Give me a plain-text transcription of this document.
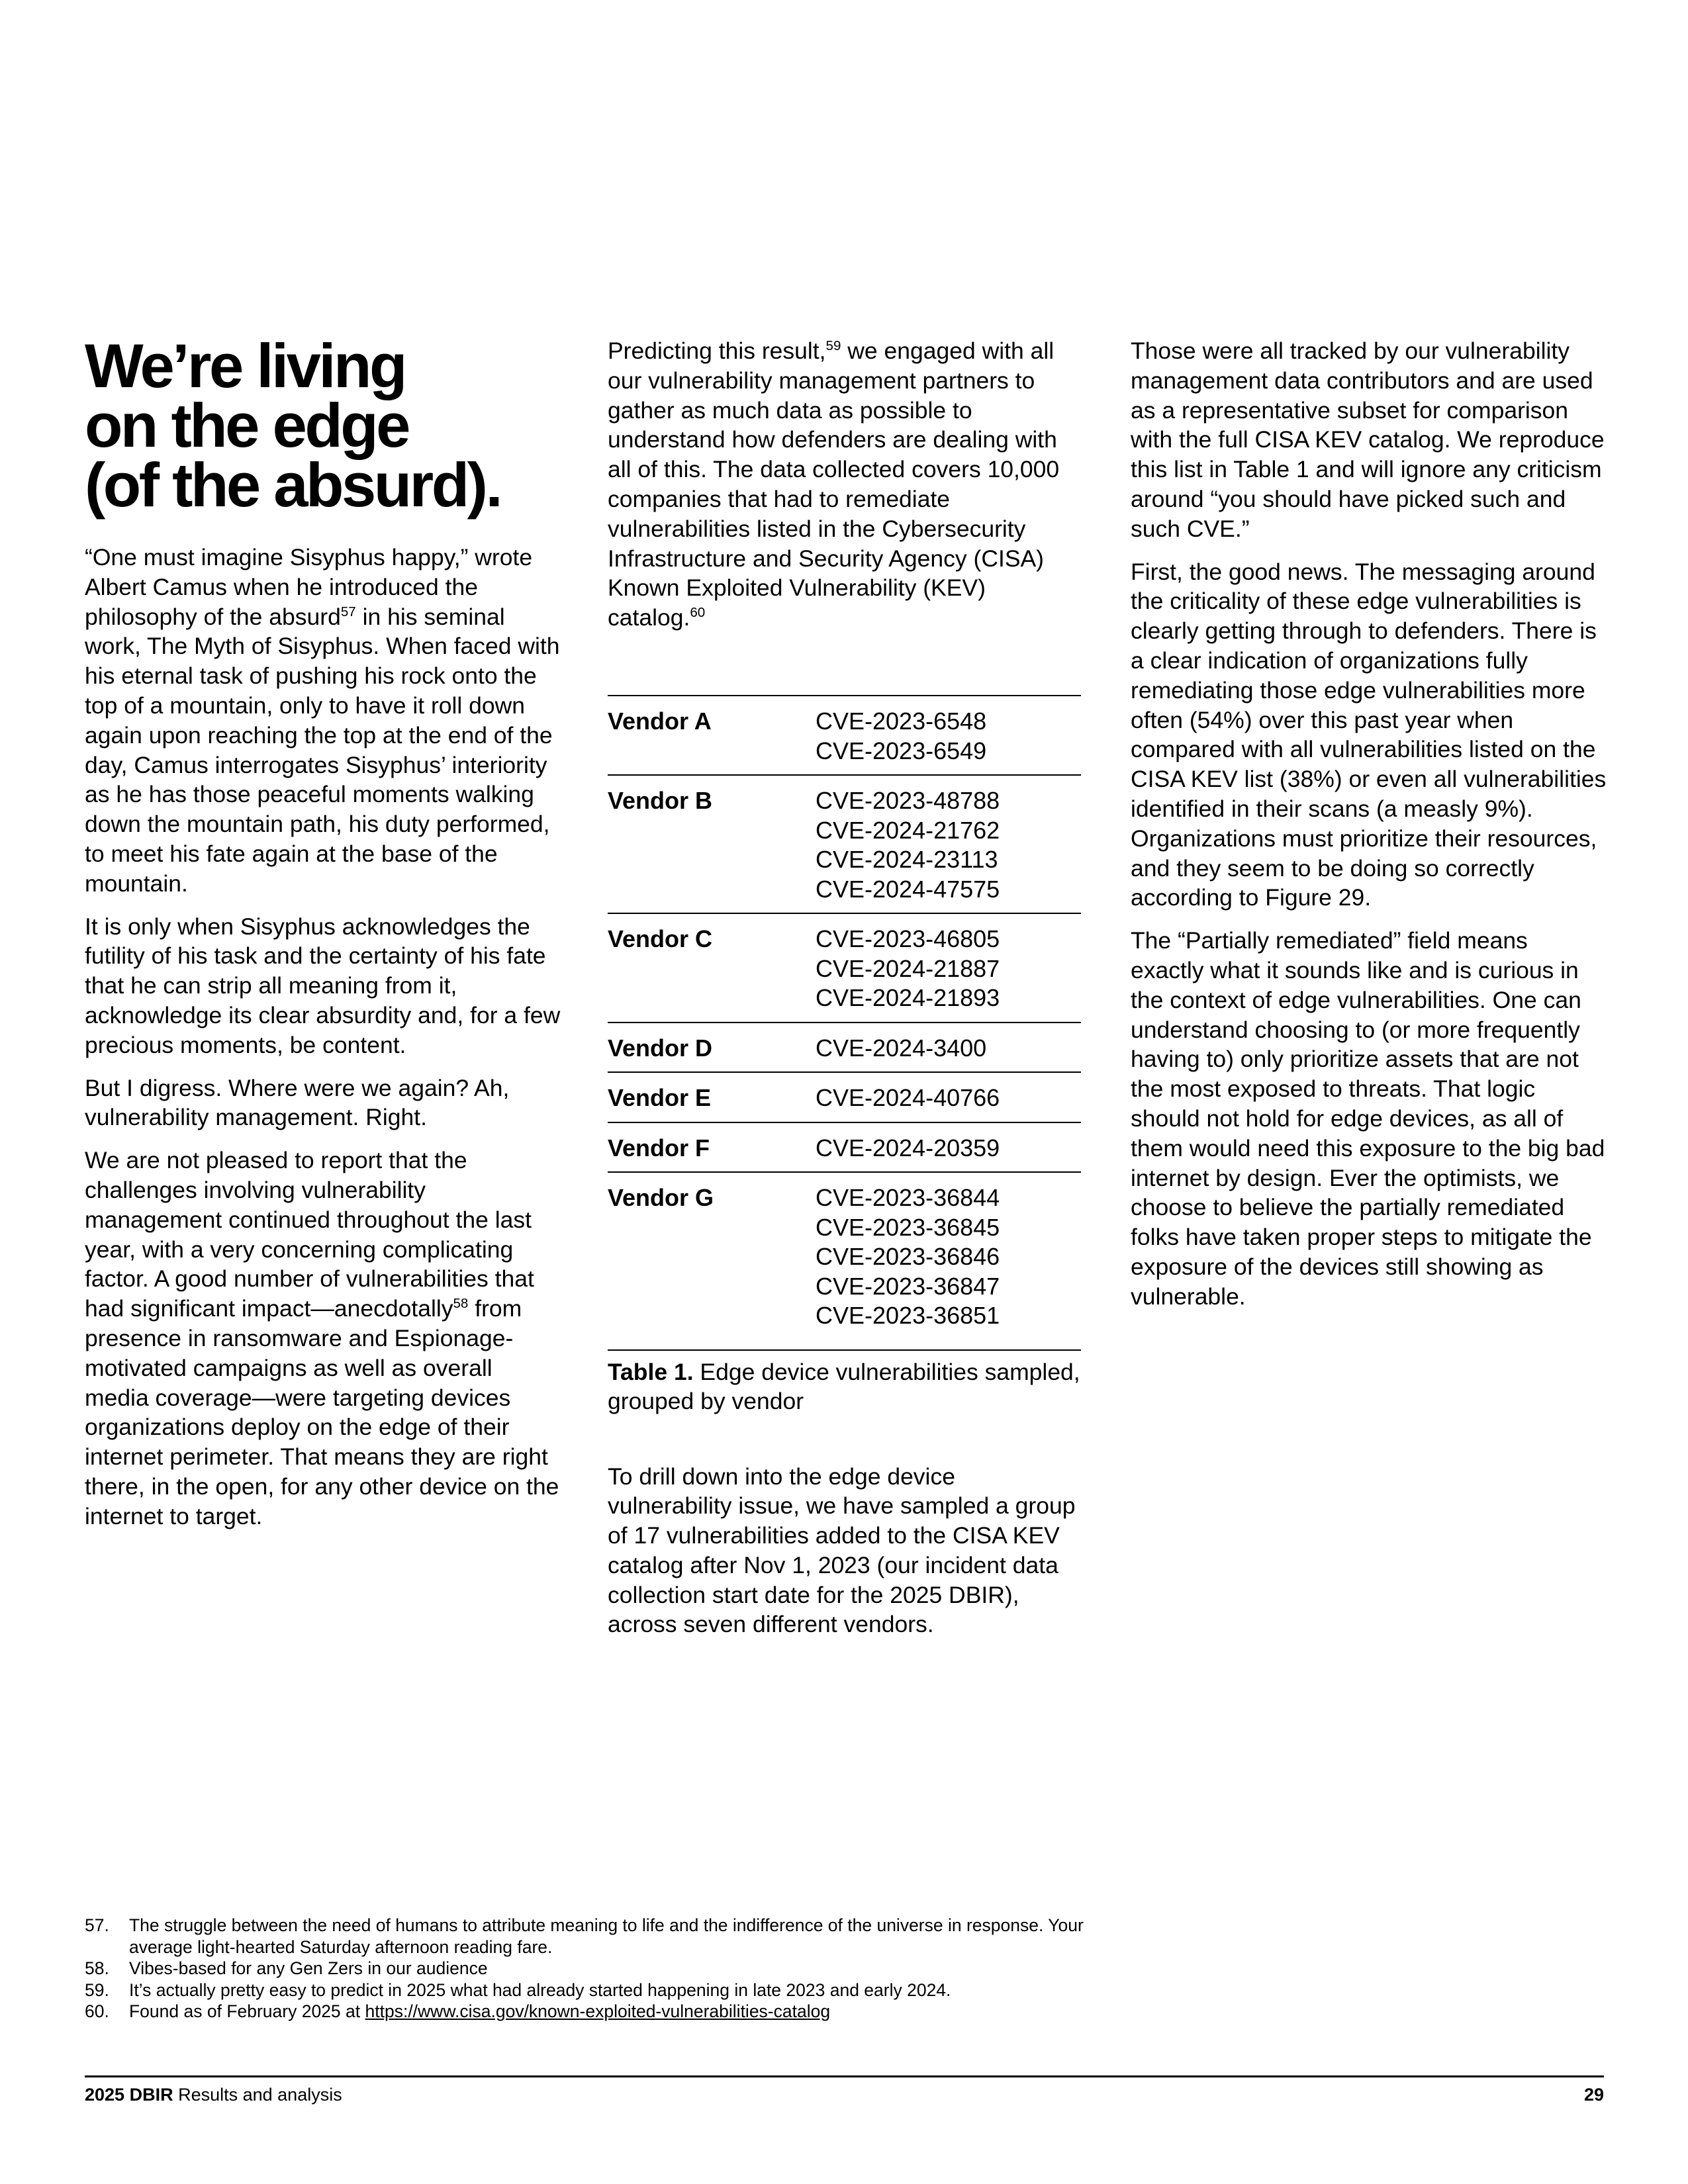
We’re living
on the edge
(of the absurd).

“One must imagine Sisyphus happy,” wrote Albert Camus when he introduced the philosophy of the absurd$^{57}$ in his seminal work, The Myth of Sisyphus. When faced with his eternal task of pushing his rock onto the top of a mountain, only to have it roll down again upon reaching the top at the end of the day, Camus interrogates Sisyphus’ interiority as he has those peaceful moments walking down the mountain path, his duty performed, to meet his fate again at the base of the mountain.

It is only when Sisyphus acknowledges the futility of his task and the certainty of his fate that he can strip all meaning from it, acknowledge its clear absurdity and, for a few precious moments, be content.

But I digress. Where were we again? Ah, vulnerability management. Right.

We are not pleased to report that the challenges involving vulnerability management continued throughout the last year, with a very concerning complicating factor. A good number of vulnerabilities that had significant impact—anecdotally$^{58}$ from presence in ransomware and Espionage-motivated campaigns as well as overall media coverage—were targeting devices organizations deploy on the edge of their internet perimeter. That means they are right there, in the open, for any other device on the internet to target.

Predicting this result,$^{59}$ we engaged with all our vulnerability management partners to gather as much data as possible to understand how defenders are dealing with all of this. The data collected covers 10,000 companies that had to remediate vulnerabilities listed in the Cybersecurity Infrastructure and Security Agency (CISA) Known Exploited Vulnerability (KEV) catalog.$^{60}$

Vendor A	CVE-2023-6548
CVE-2023-6549
Vendor B	CVE-2023-48788
CVE-2024-21762
CVE-2024-23113
CVE-2024-47575
Vendor C	CVE-2023-46805
CVE-2024-21887
CVE-2024-21893
Vendor D	CVE-2024-3400
Vendor E	CVE-2024-40766
Vendor F	CVE-2024-20359
Vendor G	CVE-2023-36844
CVE-2023-36845
CVE-2023-36846
CVE-2023-36847
CVE-2023-36851
Table 1. Edge device vulnerabilities sampled, grouped by vendor

To drill down into the edge device vulnerability issue, we have sampled a group of 17 vulnerabilities added to the CISA KEV catalog after Nov 1, 2023 (our incident data collection start date for the 2025 DBIR), across seven different vendors.

Those were all tracked by our vulnerability management data contributors and are used as a representative subset for comparison with the full CISA KEV catalog. We reproduce this list in Table 1 and will ignore any criticism around “you should have picked such and such CVE.”

First, the good news. The messaging around the criticality of these edge vulnerabilities is clearly getting through to defenders. There is a clear indication of organizations fully remediating those edge vulnerabilities more often (54%) over this past year when compared with all vulnerabilities listed on the CISA KEV list (38%) or even all vulnerabilities identified in their scans (a measly 9%). Organizations must prioritize their resources, and they seem to be doing so correctly according to Figure 29.

The “Partially remediated” field means exactly what it sounds like and is curious in the context of edge vulnerabilities. One can understand choosing to (or more frequently having to) only prioritize assets that are not the most exposed to threats. That logic should not hold for edge devices, as all of them would need this exposure to the big bad internet by design. Ever the optimists, we choose to believe the partially remediated folks have taken proper steps to mitigate the exposure of the devices still showing as vulnerable.

57.	The struggle between the need of humans to attribute meaning to life and the indifference of the universe in response. Your average light-hearted Saturday afternoon reading fare.
58.	Vibes-based for any Gen Zers in our audience
59.	It’s actually pretty easy to predict in 2025 what had already started happening in late 2023 and early 2024.
60.	Found as of February 2025 at https://www.cisa.gov/known-exploited-vulnerabilities-catalog
2025 DBIR Results and analysis	29
